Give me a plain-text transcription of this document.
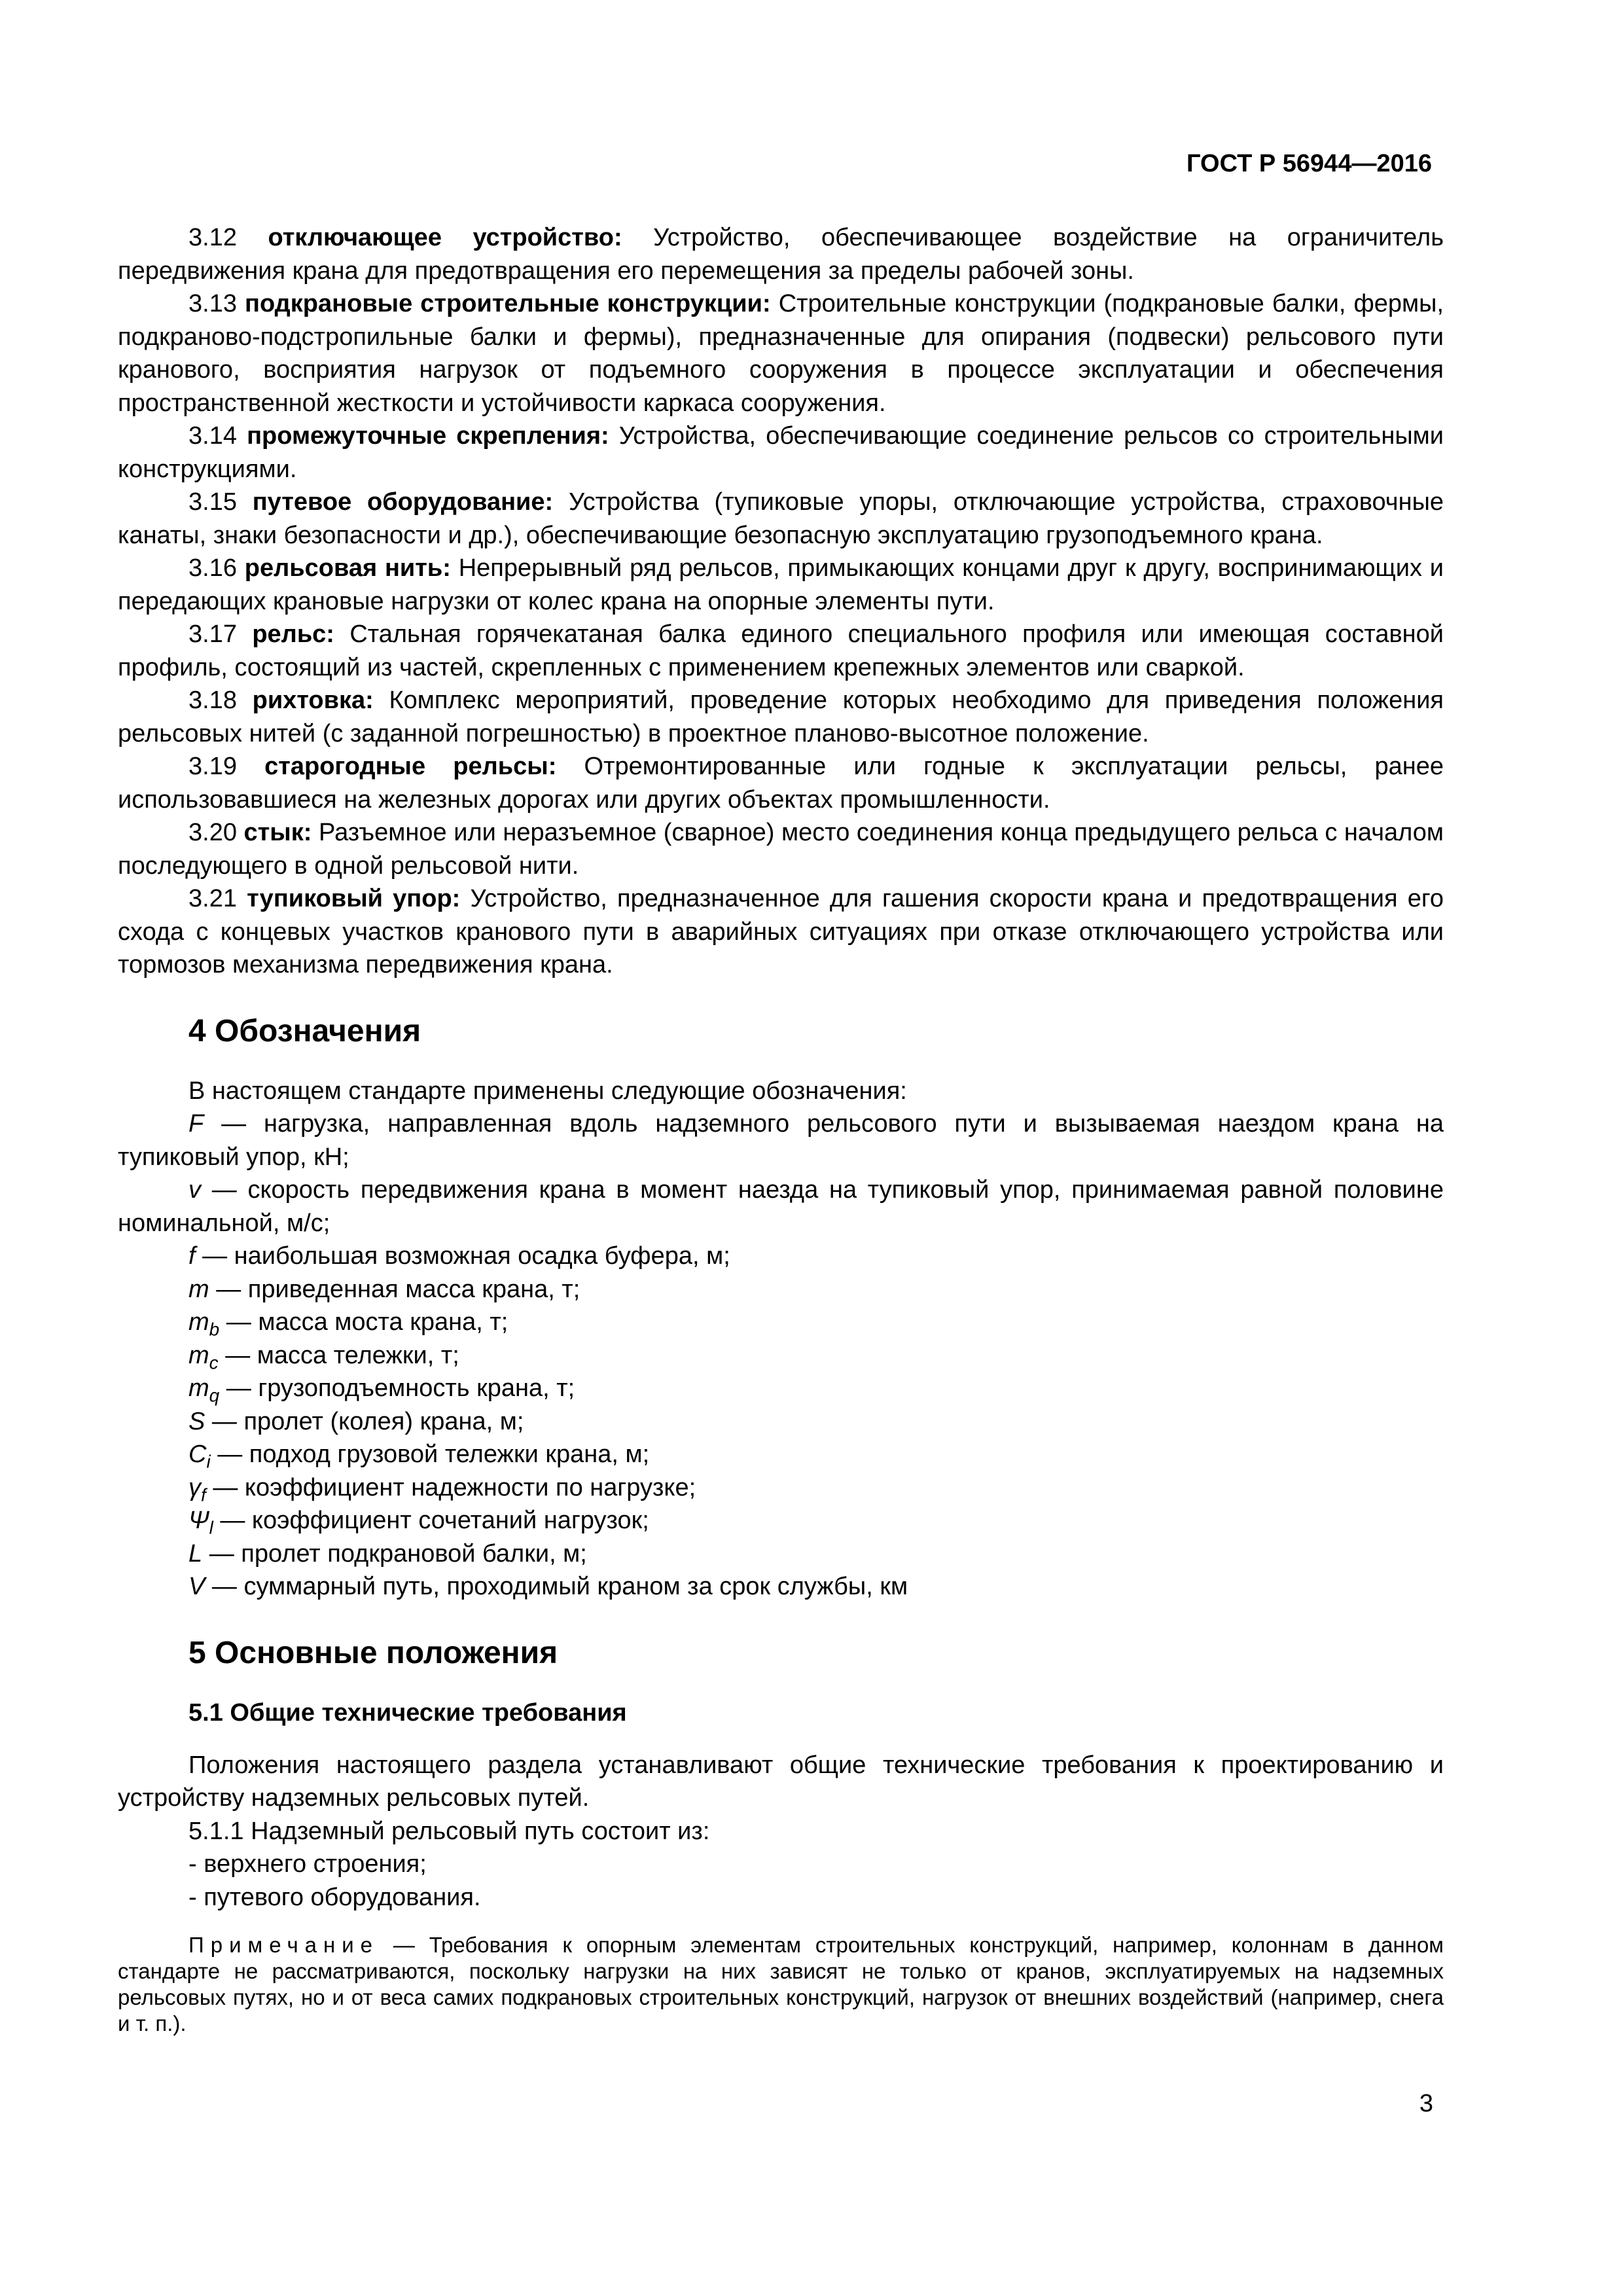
ГОСТ Р 56944—2016

3.12 отключающее устройство: Устройство, обеспечивающее воздействие на ограничитель передвижения крана для предотвращения его перемещения за пределы рабочей зоны.

3.13 подкрановые строительные конструкции: Строительные конструкции (подкрановые балки, фермы, подкраново-подстропильные балки и фермы), предназначенные для опирания (подвески) рельсового пути кранового, восприятия нагрузок от подъемного сооружения в процессе эксплуатации и обеспечения пространственной жесткости и устойчивости каркаса сооружения.

3.14 промежуточные скрепления: Устройства, обеспечивающие соединение рельсов со строительными конструкциями.

3.15 путевое оборудование: Устройства (тупиковые упоры, отключающие устройства, страховочные канаты, знаки безопасности и др.), обеспечивающие безопасную эксплуатацию грузоподъемного крана.

3.16 рельсовая нить: Непрерывный ряд рельсов, примыкающих концами друг к другу, воспринимающих и передающих крановые нагрузки от колес крана на опорные элементы пути.

3.17 рельс: Стальная горячекатаная балка единого специального профиля или имеющая составной профиль, состоящий из частей, скрепленных с применением крепежных элементов или сваркой.

3.18 рихтовка: Комплекс мероприятий, проведение которых необходимо для приведения положения рельсовых нитей (с заданной погрешностью) в проектное планово-высотное положение.

3.19 старогодные рельсы: Отремонтированные или годные к эксплуатации рельсы, ранее использовавшиеся на железных дорогах или других объектах промышленности.

3.20 стык: Разъемное или неразъемное (сварное) место соединения конца предыдущего рельса с началом последующего в одной рельсовой нити.

3.21 тупиковый упор: Устройство, предназначенное для гашения скорости крана и предотвращения его схода с концевых участков кранового пути в аварийных ситуациях при отказе отключающего устройства или тормозов механизма передвижения крана.

4 Обозначения

В настоящем стандарте применены следующие обозначения:

F — нагрузка, направленная вдоль надземного рельсового пути и вызываемая наездом крана на тупиковый упор, кН;

v — скорость передвижения крана в момент наезда на тупиковый упор, принимаемая равной половине номинальной, м/с;

f — наибольшая возможная осадка буфера, м;

m — приведенная масса крана, т;

$m_b$ — масса моста крана, т;

$m_c$ — масса тележки, т;

$m_q$ — грузоподъемность крана, т;

S — пролет (колея) крана, м;

$C_i$ — подход грузовой тележки крана, м;

$\gamma_f$ — коэффициент надежности по нагрузке;

$\Psi_l$ — коэффициент сочетаний нагрузок;

L — пролет подкрановой балки, м;

V — суммарный путь, проходимый краном за срок службы, км

5 Основные положения
5.1 Общие технические требования

Положения настоящего раздела устанавливают общие технические требования к проектированию и устройству надземных рельсовых путей.

5.1.1 Надземный рельсовый путь состоит из:

- верхнего строения;

- путевого оборудования.

Примечание — Требования к опорным элементам строительных конструкций, например, колоннам в данном стандарте не рассматриваются, поскольку нагрузки на них зависят не только от кранов, эксплуатируемых на надземных рельсовых путях, но и от веса самих подкрановых строительных конструкций, нагрузок от внешних воздействий (например, снега и т. п.).

3
